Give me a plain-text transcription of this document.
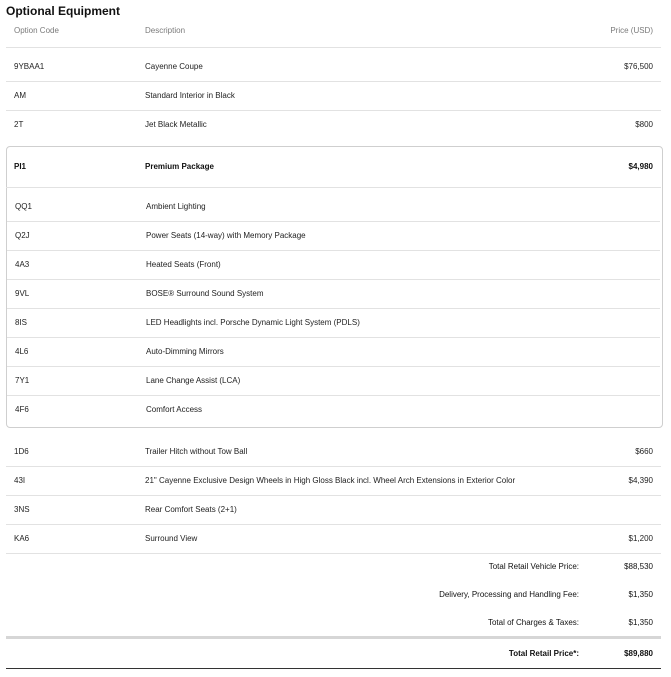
Optional Equipment
Option Code	Description	Price (USD)
9YBAA1	Cayenne Coupe	$76,500
AM	Standard Interior in Black
2T	Jet Black Metallic	$800
PI1	Premium Package	$4,980
QQ1	Ambient Lighting
Q2J	Power Seats (14-way) with Memory Package
4A3	Heated Seats (Front)
9VL	BOSE® Surround Sound System
8IS	LED Headlights incl. Porsche Dynamic Light System (PDLS)
4L6	Auto-Dimming Mirrors
7Y1	Lane Change Assist (LCA)
4F6	Comfort Access
1D6	Trailer Hitch without Tow Ball	$660
43I	21" Cayenne Exclusive Design Wheels in High Gloss Black incl. Wheel Arch Extensions in Exterior Color	$4,390
3NS	Rear Comfort Seats (2+1)
KA6	Surround View	$1,200
Total Retail Vehicle Price:	$88,530
Delivery, Processing and Handling Fee:	$1,350
Total of Charges & Taxes:	$1,350
Total Retail Price*:	$89,880
